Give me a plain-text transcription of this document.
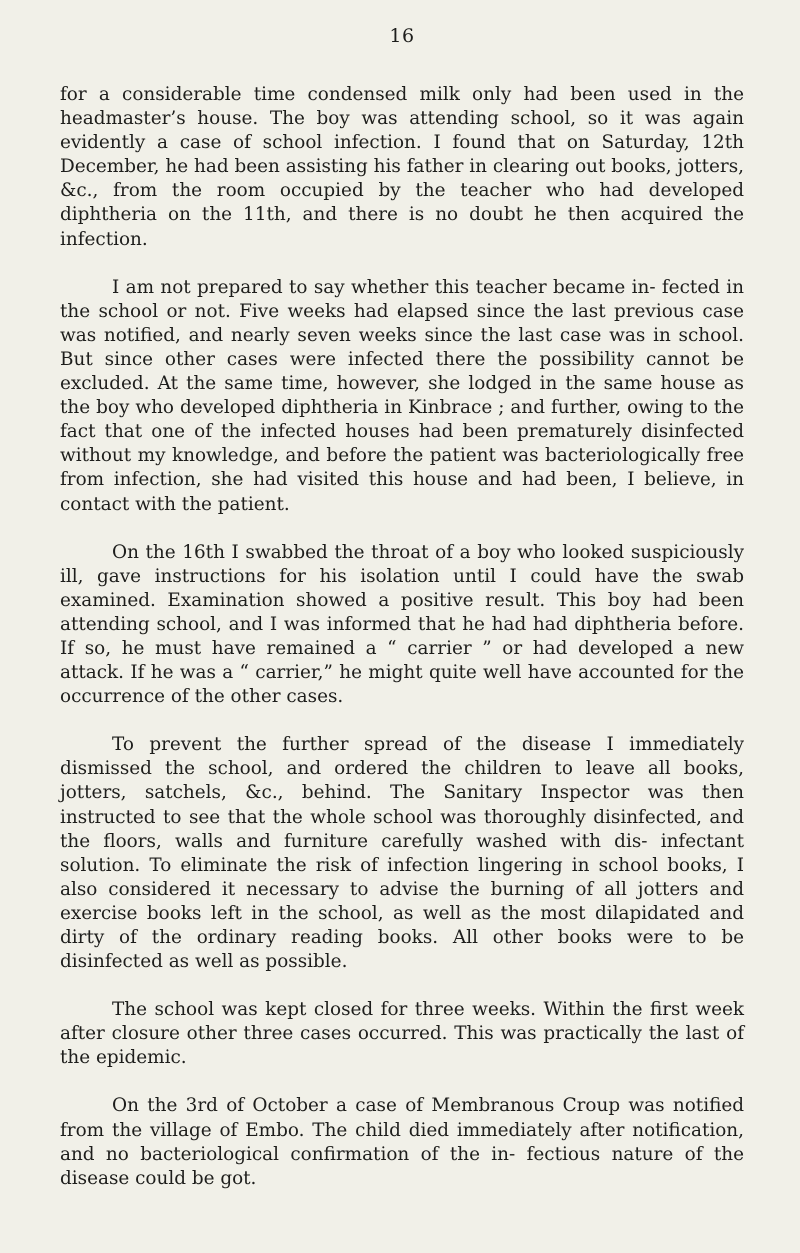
16

for a considerable time condensed milk only had been used in the headmaster’s house. The boy was attending school, so it was again evidently a case of school infection. I found that on Saturday, 12th December, he had been assisting his father in clearing out books, jotters, &c., from the room occupied by the teacher who had developed diphtheria on the 11th, and there is no doubt he then acquired the infection.

I am not prepared to say whether this teacher became in- fected in the school or not. Five weeks had elapsed since the last previous case was notified, and nearly seven weeks since the last case was in school. But since other cases were infected there the possibility cannot be excluded. At the same time, however, she lodged in the same house as the boy who developed diphtheria in Kinbrace ; and further, owing to the fact that one of the infected houses had been prematurely disinfected without my knowledge, and before the patient was bacteriologically free from infection, she had visited this house and had been, I believe, in contact with the patient.

On the 16th I swabbed the throat of a boy who looked suspiciously ill, gave instructions for his isolation until I could have the swab examined. Examination showed a positive result. This boy had been attending school, and I was informed that he had had diphtheria before. If so, he must have remained a “ carrier ” or had developed a new attack. If he was a “ carrier,” he might quite well have accounted for the occurrence of the other cases.

To prevent the further spread of the disease I immediately dismissed the school, and ordered the children to leave all books, jotters, satchels, &c., behind. The Sanitary Inspector was then instructed to see that the whole school was thoroughly disinfected, and the floors, walls and furniture carefully washed with dis- infectant solution. To eliminate the risk of infection lingering in school books, I also considered it necessary to advise the burning of all jotters and exercise books left in the school, as well as the most dilapidated and dirty of the ordinary reading books. All other books were to be disinfected as well as possible.

The school was kept closed for three weeks. Within the first week after closure other three cases occurred. This was practically the last of the epidemic.

On the 3rd of October a case of Membranous Croup was notified from the village of Embo. The child died immediately after notification, and no bacteriological confirmation of the in- fectious nature of the disease could be got.
